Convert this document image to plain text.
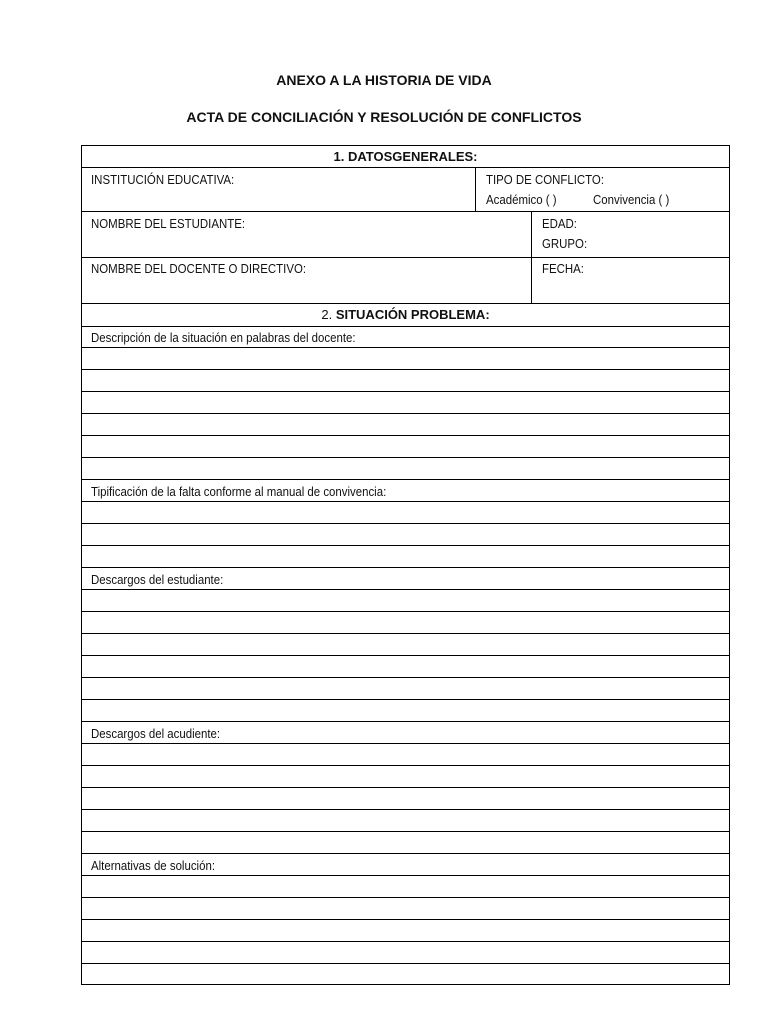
ANEXO A LA HISTORIA DE VIDA
ACTA DE CONCILIACIÓN Y RESOLUCIÓN DE CONFLICTOS
1. DATOSGENERALES:
INSTITUCIÓN EDUCATIVA:	TIPO DE CONFLICTO:
Académico ( )	Convivencia ( )
NOMBRE DEL ESTUDIANTE:	EDAD:
GRUPO:
NOMBRE DEL DOCENTE O DIRECTIVO:	FECHA:
2. SITUACIÓN PROBLEMA:
Descripción de la situación en palabras del docente:
Tipificación de la falta conforme al manual de convivencia:
Descargos del estudiante:
Descargos del acudiente:
Alternativas de solución:
